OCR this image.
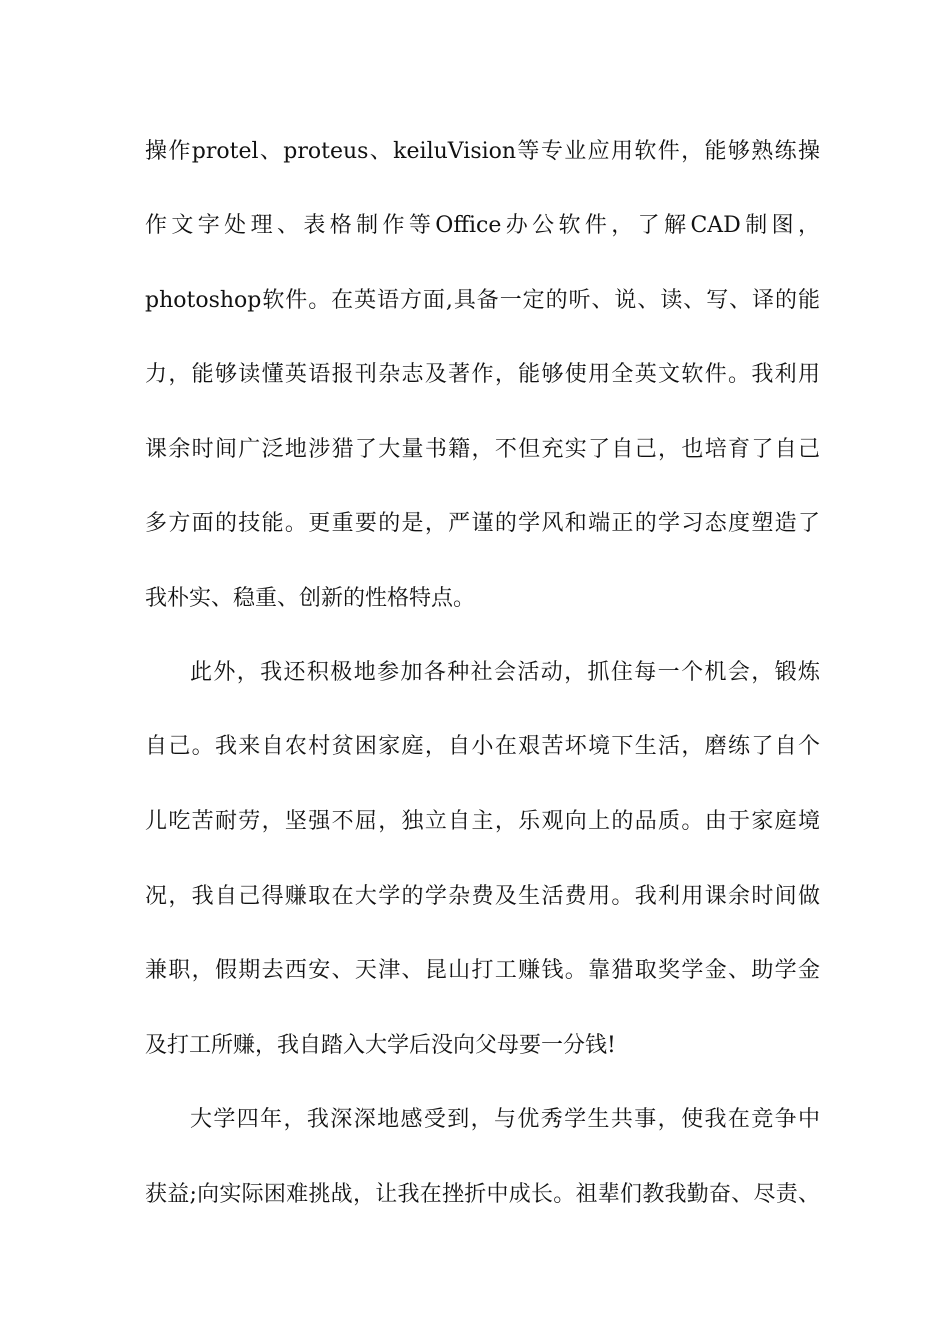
操作protel、proteus、keiluVision等专业应用软件，能够熟练操
作文字处理、表格制作等Office办公软件，了解CAD制图，
photoshop软件。在英语方面,具备一定的听、说、读、写、译的能
力，能够读懂英语报刊杂志及著作，能够使用全英文软件。我利用
课余时间广泛地涉猎了大量书籍，不但充实了自己，也培育了自己
多方面的技能。更重要的是，严谨的学风和端正的学习态度塑造了
我朴实、稳重、创新的性格特点。
此外，我还积极地参加各种社会活动，抓住每一个机会，锻炼
自己。我来自农村贫困家庭，自小在艰苦坏境下生活，磨练了自个
儿吃苦耐劳，坚强不屈，独立自主，乐观向上的品质。由于家庭境
况，我自己得赚取在大学的学杂费及生活费用。我利用课余时间做
兼职，假期去西安、天津、昆山打工赚钱。靠猎取奖学金、助学金
及打工所赚，我自踏入大学后没向父母要一分钱!
大学四年，我深深地感受到，与优秀学生共事，使我在竞争中
获益;向实际困难挑战，让我在挫折中成长。祖辈们教我勤奋、尽责、
